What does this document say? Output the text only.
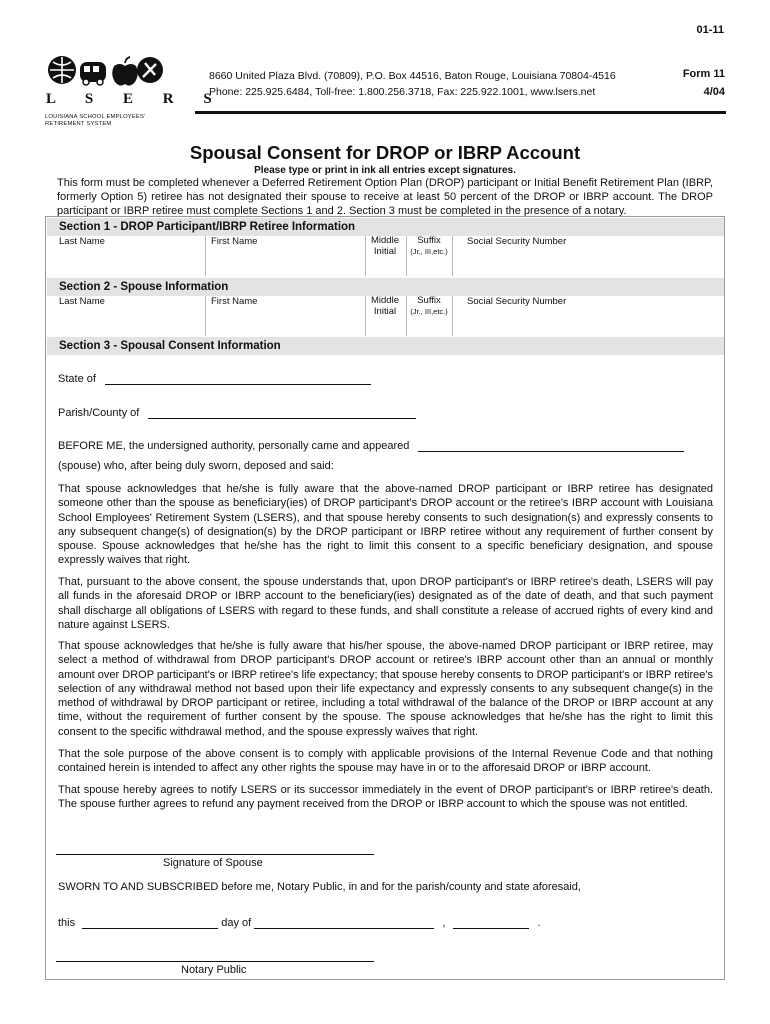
01-11
L S E R S
LOUISIANA SCHOOL EMPLOYEES' RETIREMENT SYSTEM
8660 United Plaza Blvd. (70809), P.O. Box 44516, Baton Rouge, Louisiana 70804-4516
Phone: 225.925.6484, Toll-free: 1.800.256.3718, Fax: 225.922.1001, www.lsers.net
Form 11
4/04
Spousal Consent for DROP or IBRP Account
Please type or print in ink all entries except signatures.
This form must be completed whenever a Deferred Retirement Option Plan (DROP) participant or Initial Benefit Retirement Plan (IBRP, formerly Option 5) retiree has not designated their spouse to receive at least 50 percent of the DROP or IBRP account. The DROP participant or IBRP retiree must complete Sections 1 and 2. Section 3 must be completed in the presence of a notary.
Section 1 - DROP Participant/IBRP Retiree Information
Last Name	First Name	Middle
Initial
Suffix
(Jr., III,etc.)
Social Security Number
Section 2 - Spouse Information
Last Name	First Name	Middle
Initial
Suffix
(Jr., III,etc.)
Social Security Number
Section 3 - Spousal Consent Information
State of
Parish/County of
BEFORE ME, the undersigned authority, personally came and appeared
(spouse) who, after being duly sworn, deposed and said:
That spouse acknowledges that he/she is fully aware that the above-named DROP participant or IBRP retiree has designated someone other than the spouse as beneficiary(ies) of DROP participant's DROP account or the retiree's IBRP account with Louisiana School Employees' Retirement System (LSERS), and that spouse hereby consents to such designation(s) and expressly consents to any subsequent change(s) of designation(s) by the DROP participant or IBRP retiree without any requirement of further consent by spouse. Spouse acknowledges that he/she has the right to limit this consent to a specific beneficiary designation, and spouse expressly waives that right.
That, pursuant to the above consent, the spouse understands that, upon DROP participant's or IBRP retiree's death, LSERS will pay all funds in the aforesaid DROP or IBRP account to the beneficiary(ies) designated as of the date of death, and that such payment shall discharge all obligations of LSERS with regard to these funds, and shall constitute a release of accrued rights of every kind and nature against LSERS.
That spouse acknowledges that he/she is fully aware that his/her spouse, the above-named DROP participant or IBRP retiree, may select a method of withdrawal from DROP participant's DROP account or retiree's IBRP account other than an annual or monthly amount over DROP participant's or IBRP retiree's life expectancy; that spouse hereby consents to DROP participant's or IBRP retiree's selection of any withdrawal method not based upon their life expectancy and expressly consents to any subsequent change(s) in the method of withdrawal by DROP participant or retiree, including a total withdrawal of the balance of the DROP or IBRP account at any time, without the requirement of further consent by the spouse. The spouse acknowledges that he/she has the right to limit this consent to the specific withdrawal method, and the spouse expressly waives that right.
That the sole purpose of the above consent is to comply with applicable provisions of the Internal Revenue Code and that nothing contained herein is intended to affect any other rights the spouse may have in or to the afforesaid DROP or IBRP account.
That spouse hereby agrees to notify LSERS or its successor immediately in the event of DROP participant's or IBRP retiree's death. The spouse further agrees to refund any payment received from the DROP or IBRP account to which the spouse was not entitled.
Signature of Spouse
SWORN TO AND SUBSCRIBED before me, Notary Public, in and for the parish/county and state aforesaid,
this	day of	,	.
Notary Public
